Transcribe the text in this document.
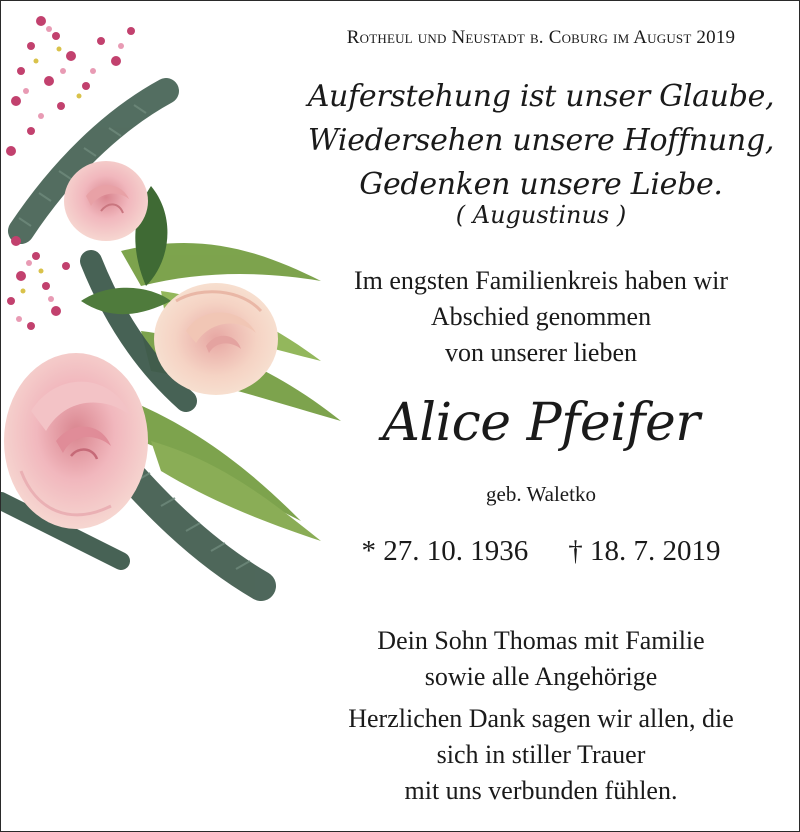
Rotheul und Neustadt b. Coburg im August 2019
Auferstehung ist unser Glaube,
Wiedersehen unsere Hoffnung,
Gedenken unsere Liebe.
( Augustinus )
Im engsten Familienkreis haben wir
Abschied genommen
von unserer lieben
Alice Pfeifer
geb. Waletko
* 27. 10. 1936 † 18. 7. 2019
Dein Sohn Thomas mit Familie
sowie alle Angehörige
Herzlichen Dank sagen wir allen, die
sich in stiller Trauer
mit uns verbunden fühlen.
